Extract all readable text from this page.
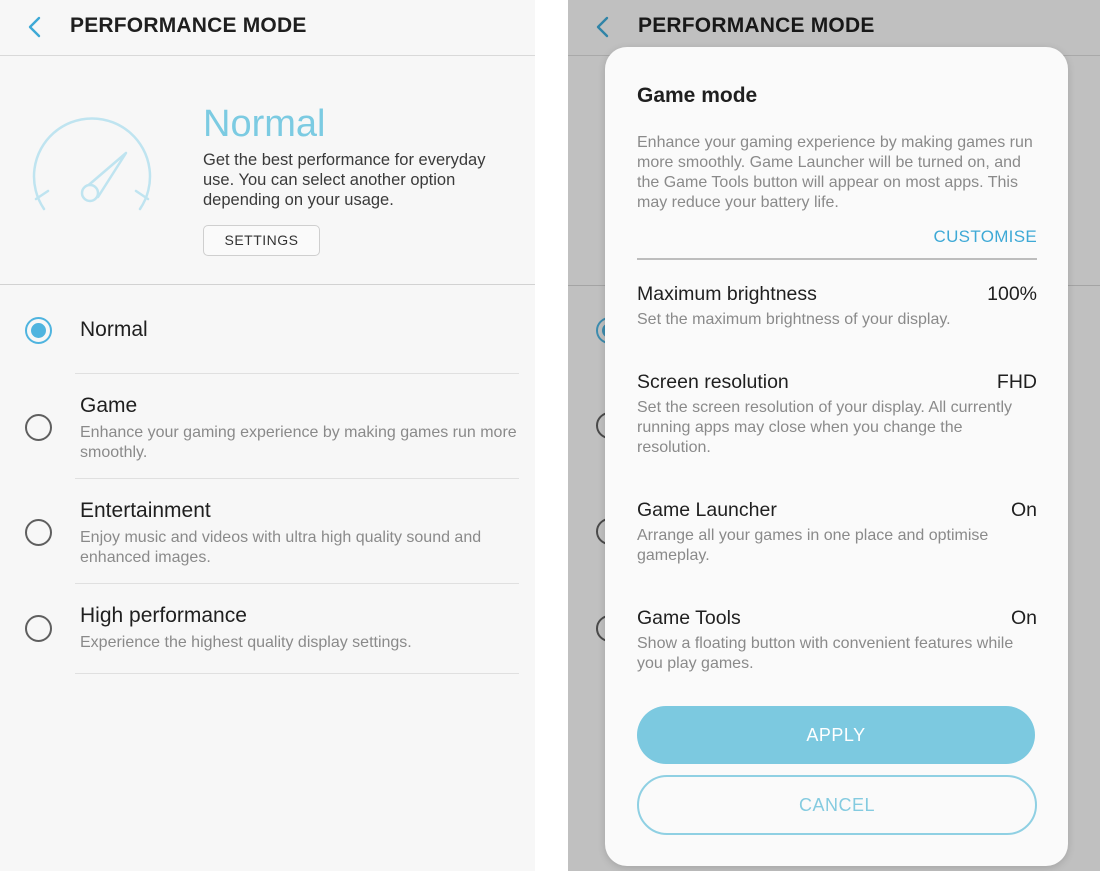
PERFORMANCE MODE
Normal
Get the best performance for everyday use. You can select another option depending on your usage.
SETTINGS
Normal
Game
Enhance your gaming experience by making games run more smoothly.
Entertainment
Enjoy music and videos with ultra high quality sound and enhanced images.
High performance
Experience the highest quality display settings.
PERFORMANCE MODE
Game mode
Enhance your gaming experience by making games run more smoothly. Game Launcher will be turned on, and the Game Tools button will appear on most apps. This may reduce your battery life.
CUSTOMISE
Maximum brightness	100%
Set the maximum brightness of your display.
Screen resolution	FHD
Set the screen resolution of your display. All currently running apps may close when you change the resolution.
Game Launcher	On
Arrange all your games in one place and optimise gameplay.
Game Tools	On
Show a floating button with convenient features while you play games.
APPLY
CANCEL
